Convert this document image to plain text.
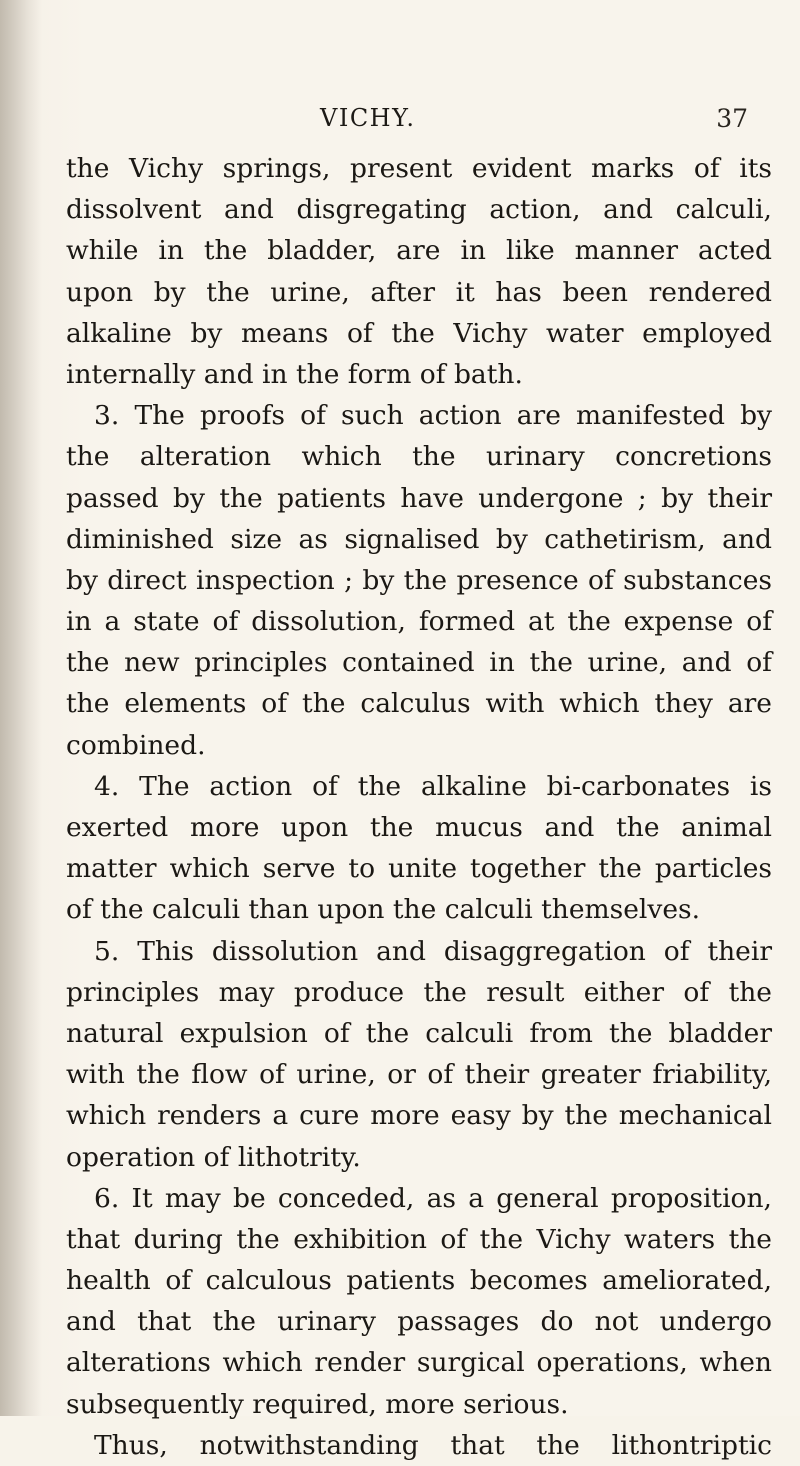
VICHY.	37
the Vichy springs, present evident marks of its
dissolvent and disgregating action, and calculi,
while in the bladder, are in like manner acted
upon by the urine, after it has been rendered
alkaline by means of the Vichy water employed
internally and in the form of bath.
3. The proofs of such action are manifested by
the alteration which the urinary concretions
passed by the patients have undergone ; by their
diminished size as signalised by cathetirism, and
by direct inspection ; by the presence of substances
in a state of dissolution, formed at the expense of
the new principles contained in the urine, and of
the elements of the calculus with which they are
combined.
4. The action of the alkaline bi-carbonates is
exerted more upon the mucus and the animal
matter which serve to unite together the particles
of the calculi than upon the calculi themselves.
5. This dissolution and disaggregation of their
principles may produce the result either of the
natural expulsion of the calculi from the bladder
with the flow of urine, or of their greater friability,
which renders a cure more easy by the mechanical
operation of lithotrity.
6. It may be conceded, as a general proposition,
that during the exhibition of the Vichy waters the
health of calculous patients becomes ameliorated,
and that the urinary passages do not undergo
alterations which render surgical operations, when
subsequently required, more serious.
Thus, notwithstanding that the lithontriptic
